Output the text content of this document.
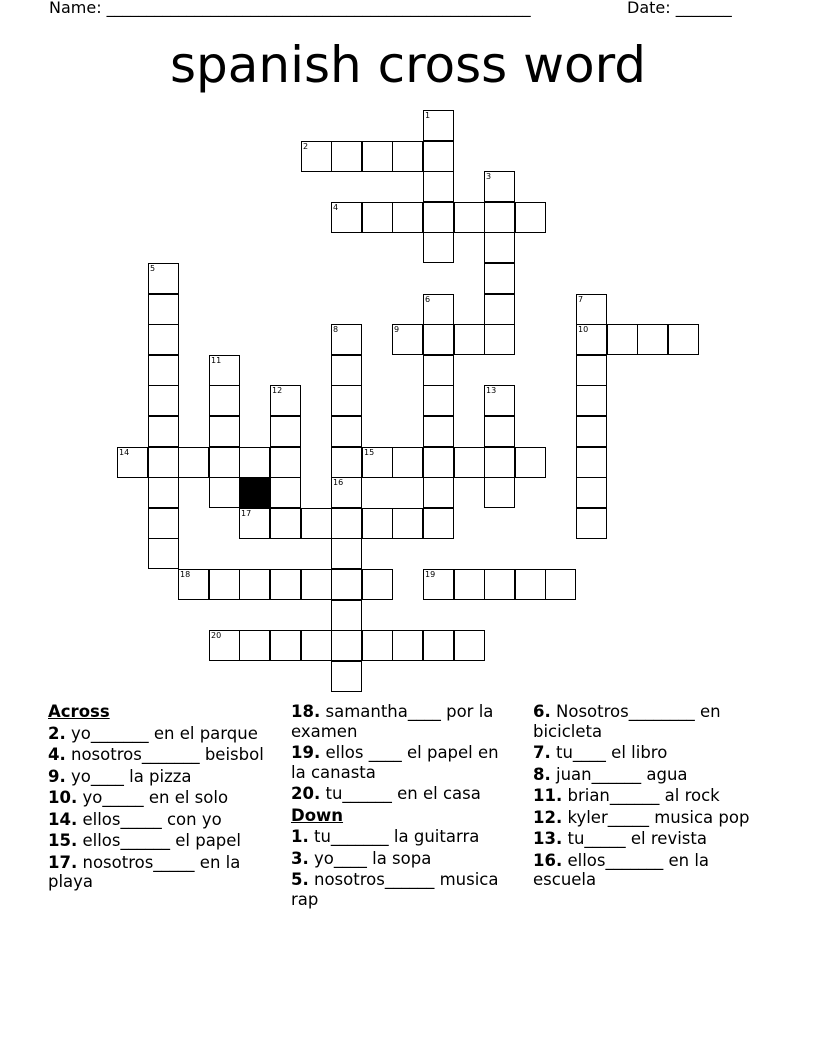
Name: _____________________________________________________	Date: _______
spanish cross word
2
4
9	10
14	15
17
18	19
20
1
3
5
6	7
8
16
11
12	13
Across
2. yo_______ en el parque
4. nosotros_______ beisbol
9. yo____ la pizza
10. yo_____ en el solo
14. ellos_____ con yo
15. ellos______ el papel
17. nosotros_____ en la playa
18. samantha____ por la examen
19. ellos ____ el papel en la canasta
20. tu______ en el casa
Down
1. tu_______ la guitarra
3. yo____ la sopa
5. nosotros______ musica rap
6. Nosotros________ en bicicleta
7. tu____ el libro
8. juan______ agua
11. brian______ al rock
12. kyler_____ musica pop
13. tu_____ el revista
16. ellos_______ en la escuela
